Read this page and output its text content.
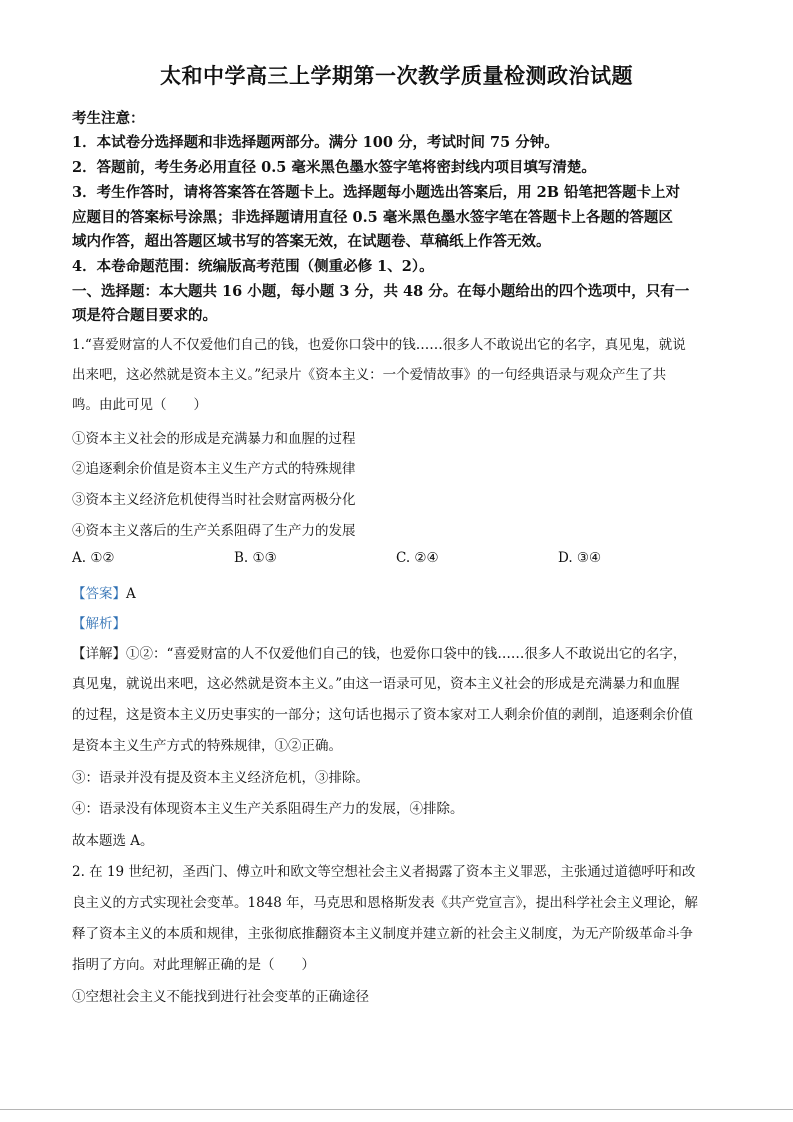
太和中学高三上学期第一次教学质量检测政治试题
考生注意：
1．本试卷分选择题和非选择题两部分。满分 100 分，考试时间 75 分钟。
2．答题前，考生务必用直径 0.5 毫米黑色墨水签字笔将密封线内项目填写清楚。
3．考生作答时，请将答案答在答题卡上。选择题每小题选出答案后，用 2B 铅笔把答题卡上对
应题目的答案标号涂黑；非选择题请用直径 0.5 毫米黑色墨水签字笔在答题卡上各题的答题区
域内作答，超出答题区域书写的答案无效，在试题卷、草稿纸上作答无效。
4．本卷命题范围：统编版高考范围（侧重必修 1、2）。
一、选择题：本大题共 16 小题，每小题 3 分，共 48 分。在每小题给出的四个选项中，只有一
项是符合题目要求的。
1.“喜爱财富的人不仅爱他们自己的钱，也爱你口袋中的钱……很多人不敢说出它的名字，真见鬼，就说
出来吧，这必然就是资本主义。”纪录片《资本主义：一个爱情故事》的一句经典语录与观众产生了共
鸣。由此可见（　　）
①资本主义社会的形成是充满暴力和血腥的过程
②追逐剩余价值是资本主义生产方式的特殊规律
③资本主义经济危机使得当时社会财富两极分化
④资本主义落后的生产关系阻碍了生产力的发展
A. ①②	B. ①③	C. ②④	D. ③④
【答案】A
【解析】
【详解】①②：“喜爱财富的人不仅爱他们自己的钱，也爱你口袋中的钱……很多人不敢说出它的名字，
真见鬼，就说出来吧，这必然就是资本主义。”由这一语录可见，资本主义社会的形成是充满暴力和血腥
的过程，这是资本主义历史事实的一部分；这句话也揭示了资本家对工人剩余价值的剥削，追逐剩余价值
是资本主义生产方式的特殊规律，①②正确。
③：语录并没有提及资本主义经济危机，③排除。
④：语录没有体现资本主义生产关系阻碍生产力的发展，④排除。
故本题选 A。
2. 在 19 世纪初，圣西门、傅立叶和欧文等空想社会主义者揭露了资本主义罪恶，主张通过道德呼吁和改
良主义的方式实现社会变革。1848 年，马克思和恩格斯发表《共产党宣言》，提出科学社会主义理论，解
释了资本主义的本质和规律，主张彻底推翻资本主义制度并建立新的社会主义制度，为无产阶级革命斗争
指明了方向。对此理解正确的是（　　）
①空想社会主义不能找到进行社会变革的正确途径
